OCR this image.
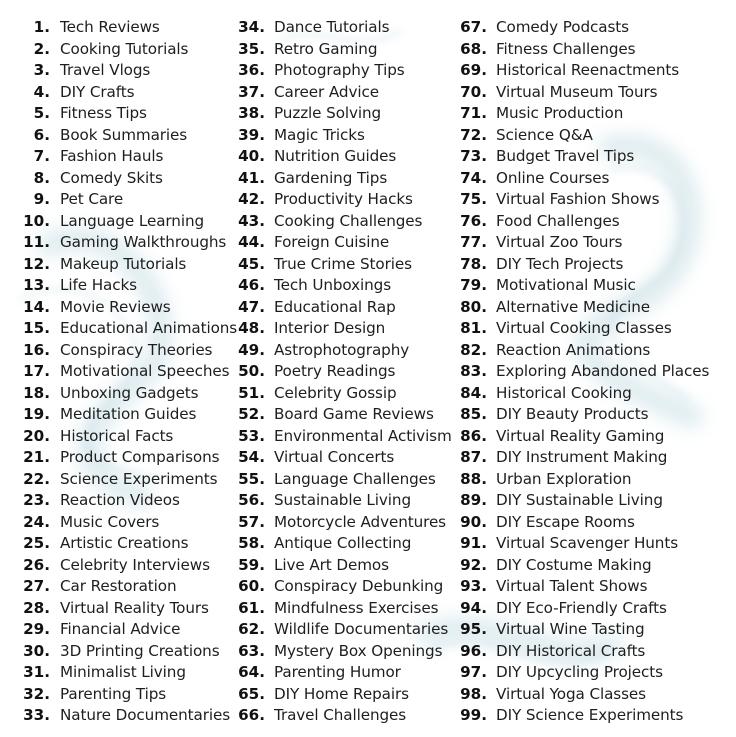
1. Tech Reviews
2. Cooking Tutorials
3. Travel Vlogs
4. DIY Crafts
5. Fitness Tips
6. Book Summaries
7. Fashion Hauls
8. Comedy Skits
9. Pet Care
10. Language Learning
11. Gaming Walkthroughs
12. Makeup Tutorials
13. Life Hacks
14. Movie Reviews
15. Educational Animations
16. Conspiracy Theories
17. Motivational Speeches
18. Unboxing Gadgets
19. Meditation Guides
20. Historical Facts
21. Product Comparisons
22. Science Experiments
23. Reaction Videos
24. Music Covers
25. Artistic Creations
26. Celebrity Interviews
27. Car Restoration
28. Virtual Reality Tours
29. Financial Advice
30. 3D Printing Creations
31. Minimalist Living
32. Parenting Tips
33. Nature Documentaries
34. Dance Tutorials
35. Retro Gaming
36. Photography Tips
37. Career Advice
38. Puzzle Solving
39. Magic Tricks
40. Nutrition Guides
41. Gardening Tips
42. Productivity Hacks
43. Cooking Challenges
44. Foreign Cuisine
45. True Crime Stories
46. Tech Unboxings
47. Educational Rap
48. Interior Design
49. Astrophotography
50. Poetry Readings
51. Celebrity Gossip
52. Board Game Reviews
53. Environmental Activism
54. Virtual Concerts
55. Language Challenges
56. Sustainable Living
57. Motorcycle Adventures
58. Antique Collecting
59. Live Art Demos
60. Conspiracy Debunking
61. Mindfulness Exercises
62. Wildlife Documentaries
63. Mystery Box Openings
64. Parenting Humor
65. DIY Home Repairs
66. Travel Challenges
67. Comedy Podcasts
68. Fitness Challenges
69. Historical Reenactments
70. Virtual Museum Tours
71. Music Production
72. Science Q&A
73. Budget Travel Tips
74. Online Courses
75. Virtual Fashion Shows
76. Food Challenges
77. Virtual Zoo Tours
78. DIY Tech Projects
79. Motivational Music
80. Alternative Medicine
81. Virtual Cooking Classes
82. Reaction Animations
83. Exploring Abandoned Places
84. Historical Cooking
85. DIY Beauty Products
86. Virtual Reality Gaming
87. DIY Instrument Making
88. Urban Exploration
89. DIY Sustainable Living
90. DIY Escape Rooms
91. Virtual Scavenger Hunts
92. DIY Costume Making
93. Virtual Talent Shows
94. DIY Eco-Friendly Crafts
95. Virtual Wine Tasting
96. DIY Historical Crafts
97. DIY Upcycling Projects
98. Virtual Yoga Classes
99. DIY Science Experiments
